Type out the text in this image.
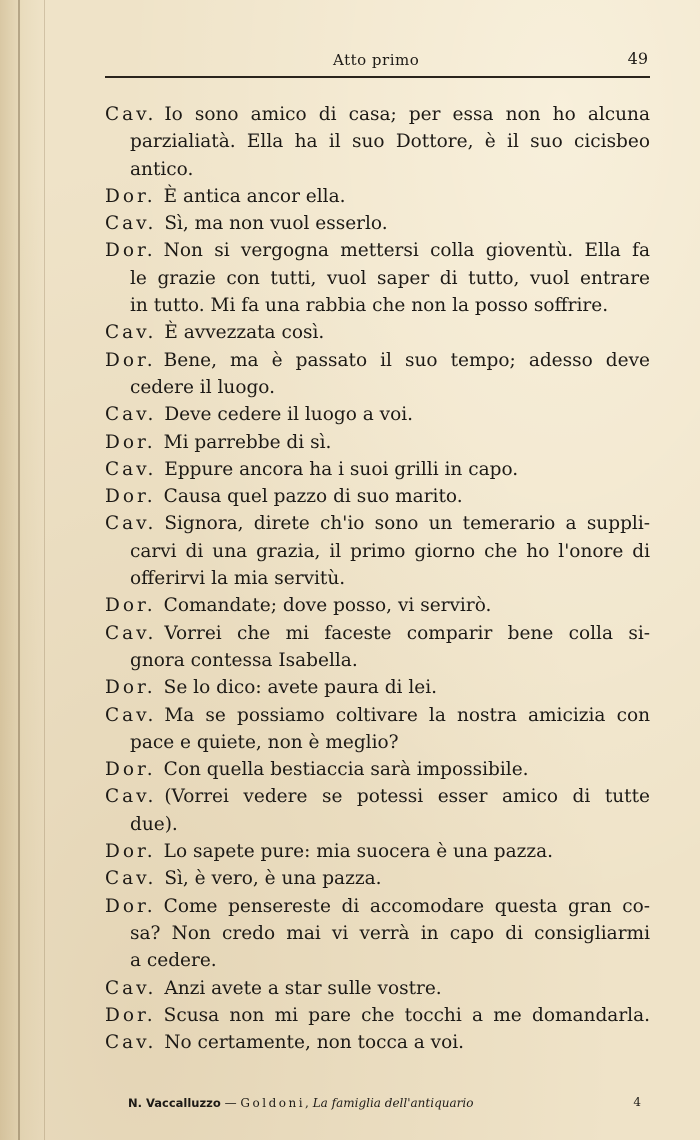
Atto primo	49
Cav. Io sono amico di casa; per essa non ho alcuna
parzialiatà. Ella ha il suo Dottore, è il suo cicisbeo
antico.
Dor. È antica ancor ella.
Cav. Sì, ma non vuol esserlo.
Dor. Non si vergogna mettersi colla gioventù. Ella fa
le grazie con tutti, vuol saper di tutto, vuol entrare
in tutto. Mi fa una rabbia che non la posso soffrire.
Cav. È avvezzata così.
Dor. Bene, ma è passato il suo tempo; adesso deve
cedere il luogo.
Cav. Deve cedere il luogo a voi.
Dor. Mi parrebbe di sì.
Cav. Eppure ancora ha i suoi grilli in capo.
Dor. Causa quel pazzo di suo marito.
Cav. Signora, direte ch'io sono un temerario a suppli-
carvi di una grazia, il primo giorno che ho l'onore di
offerirvi la mia servitù.
Dor. Comandate; dove posso, vi servirò.
Cav. Vorrei che mi faceste comparir bene colla si-
gnora contessa Isabella.
Dor. Se lo dico: avete paura di lei.
Cav. Ma se possiamo coltivare la nostra amicizia con
pace e quiete, non è meglio?
Dor. Con quella bestiaccia sarà impossibile.
Cav. (Vorrei vedere se potessi esser amico di tutte
due).
Dor. Lo sapete pure: mia suocera è una pazza.
Cav. Sì, è vero, è una pazza.
Dor. Come pensereste di accomodare questa gran co-
sa? Non credo mai vi verrà in capo di consigliarmi
a cedere.
Cav. Anzi avete a star sulle vostre.
Dor. Scusa non mi pare che tocchi a me domandarla.
Cav. No certamente, non tocca a voi.
N. Vaccalluzzo — Goldoni, La famiglia dell'antiquario	4
